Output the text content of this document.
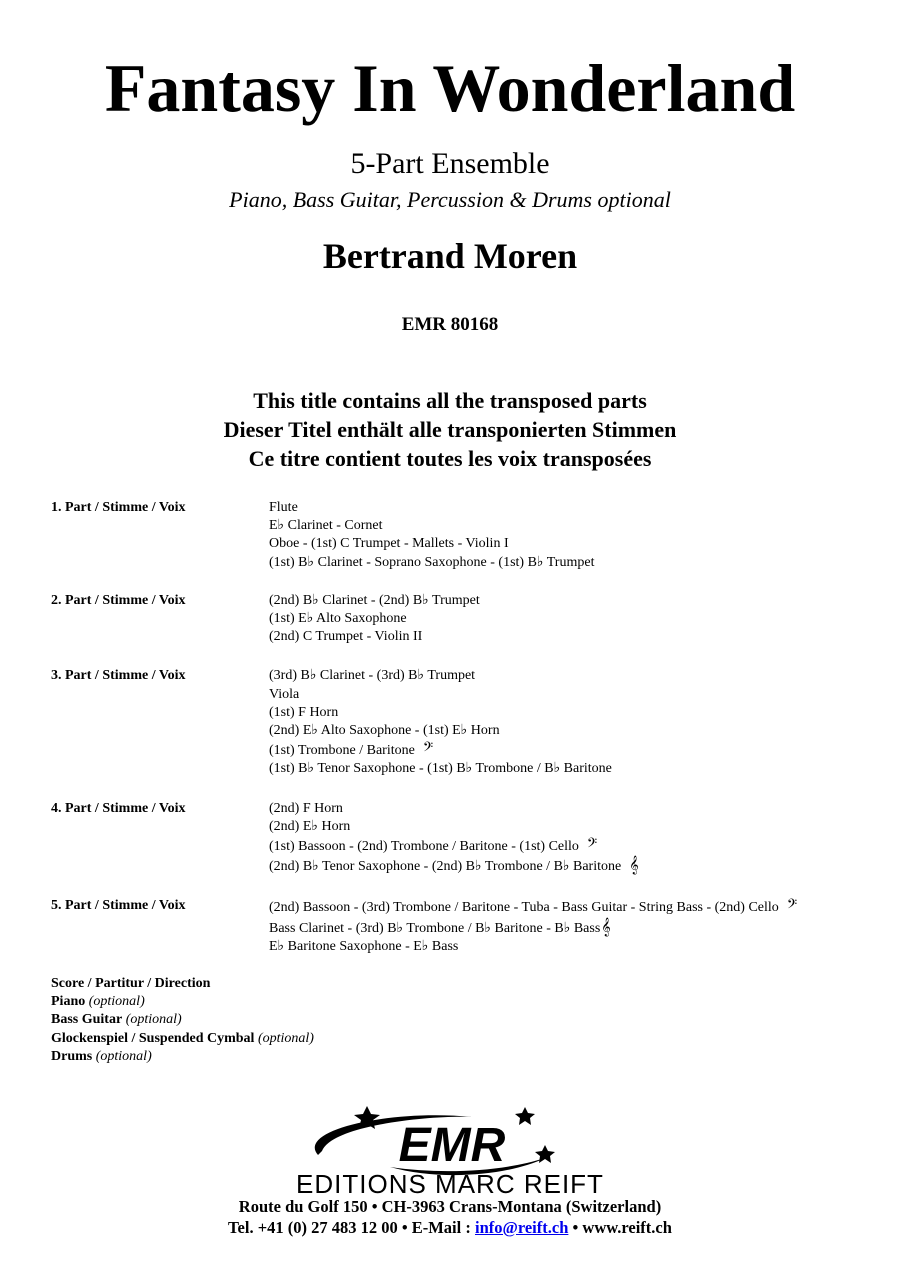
Fantasy In Wonderland
5-Part Ensemble
Piano, Bass Guitar, Percussion & Drums optional
Bertrand Moren
EMR 80168
This title contains all the transposed parts
Dieser Titel enthält alle transponierten Stimmen
Ce titre contient toutes les voix transposées
1. Part / Stimme / Voix	Flute
E♭ Clarinet - Cornet
Oboe - (1st) C Trumpet - Mallets - Violin I
(1st) B♭ Clarinet - Soprano Saxophone - (1st) B♭ Trumpet
2. Part / Stimme / Voix	(2nd) B♭ Clarinet - (2nd) B♭ Trumpet
(1st) E♭ Alto Saxophone
(2nd) C Trumpet - Violin II
3. Part / Stimme / Voix	(3rd) B♭ Clarinet - (3rd) B♭ Trumpet
Viola
(1st) F Horn
(2nd) E♭ Alto Saxophone - (1st) E♭ Horn
(1st) Trombone / Baritone 𝄢
(1st) B♭ Tenor Saxophone - (1st) B♭ Trombone / B♭ Baritone
4. Part / Stimme / Voix	(2nd) F Horn
(2nd) E♭ Horn
(1st) Bassoon - (2nd) Trombone / Baritone - (1st) Cello 𝄢
(2nd) B♭ Tenor Saxophone - (2nd) B♭ Trombone / B♭ Baritone 𝄞
5. Part / Stimme / Voix	(2nd) Bassoon - (3rd) Trombone / Baritone - Tuba - Bass Guitar - String Bass - (2nd) Cello 𝄢
Bass Clarinet - (3rd) B♭ Trombone / B♭ Baritone - B♭ Bass𝄞
E♭ Baritone Saxophone - E♭ Bass
Score / Partitur / Direction
Piano (optional)
Bass Guitar (optional)
Glockenspiel / Suspended Cymbal (optional)
Drums (optional)
EMR
EDITIONS MARC REIFT
Route du Golf 150 • CH-3963 Crans-Montana (Switzerland)
Tel. +41 (0) 27 483 12 00 • E-Mail : info@reift.ch • www.reift.ch
